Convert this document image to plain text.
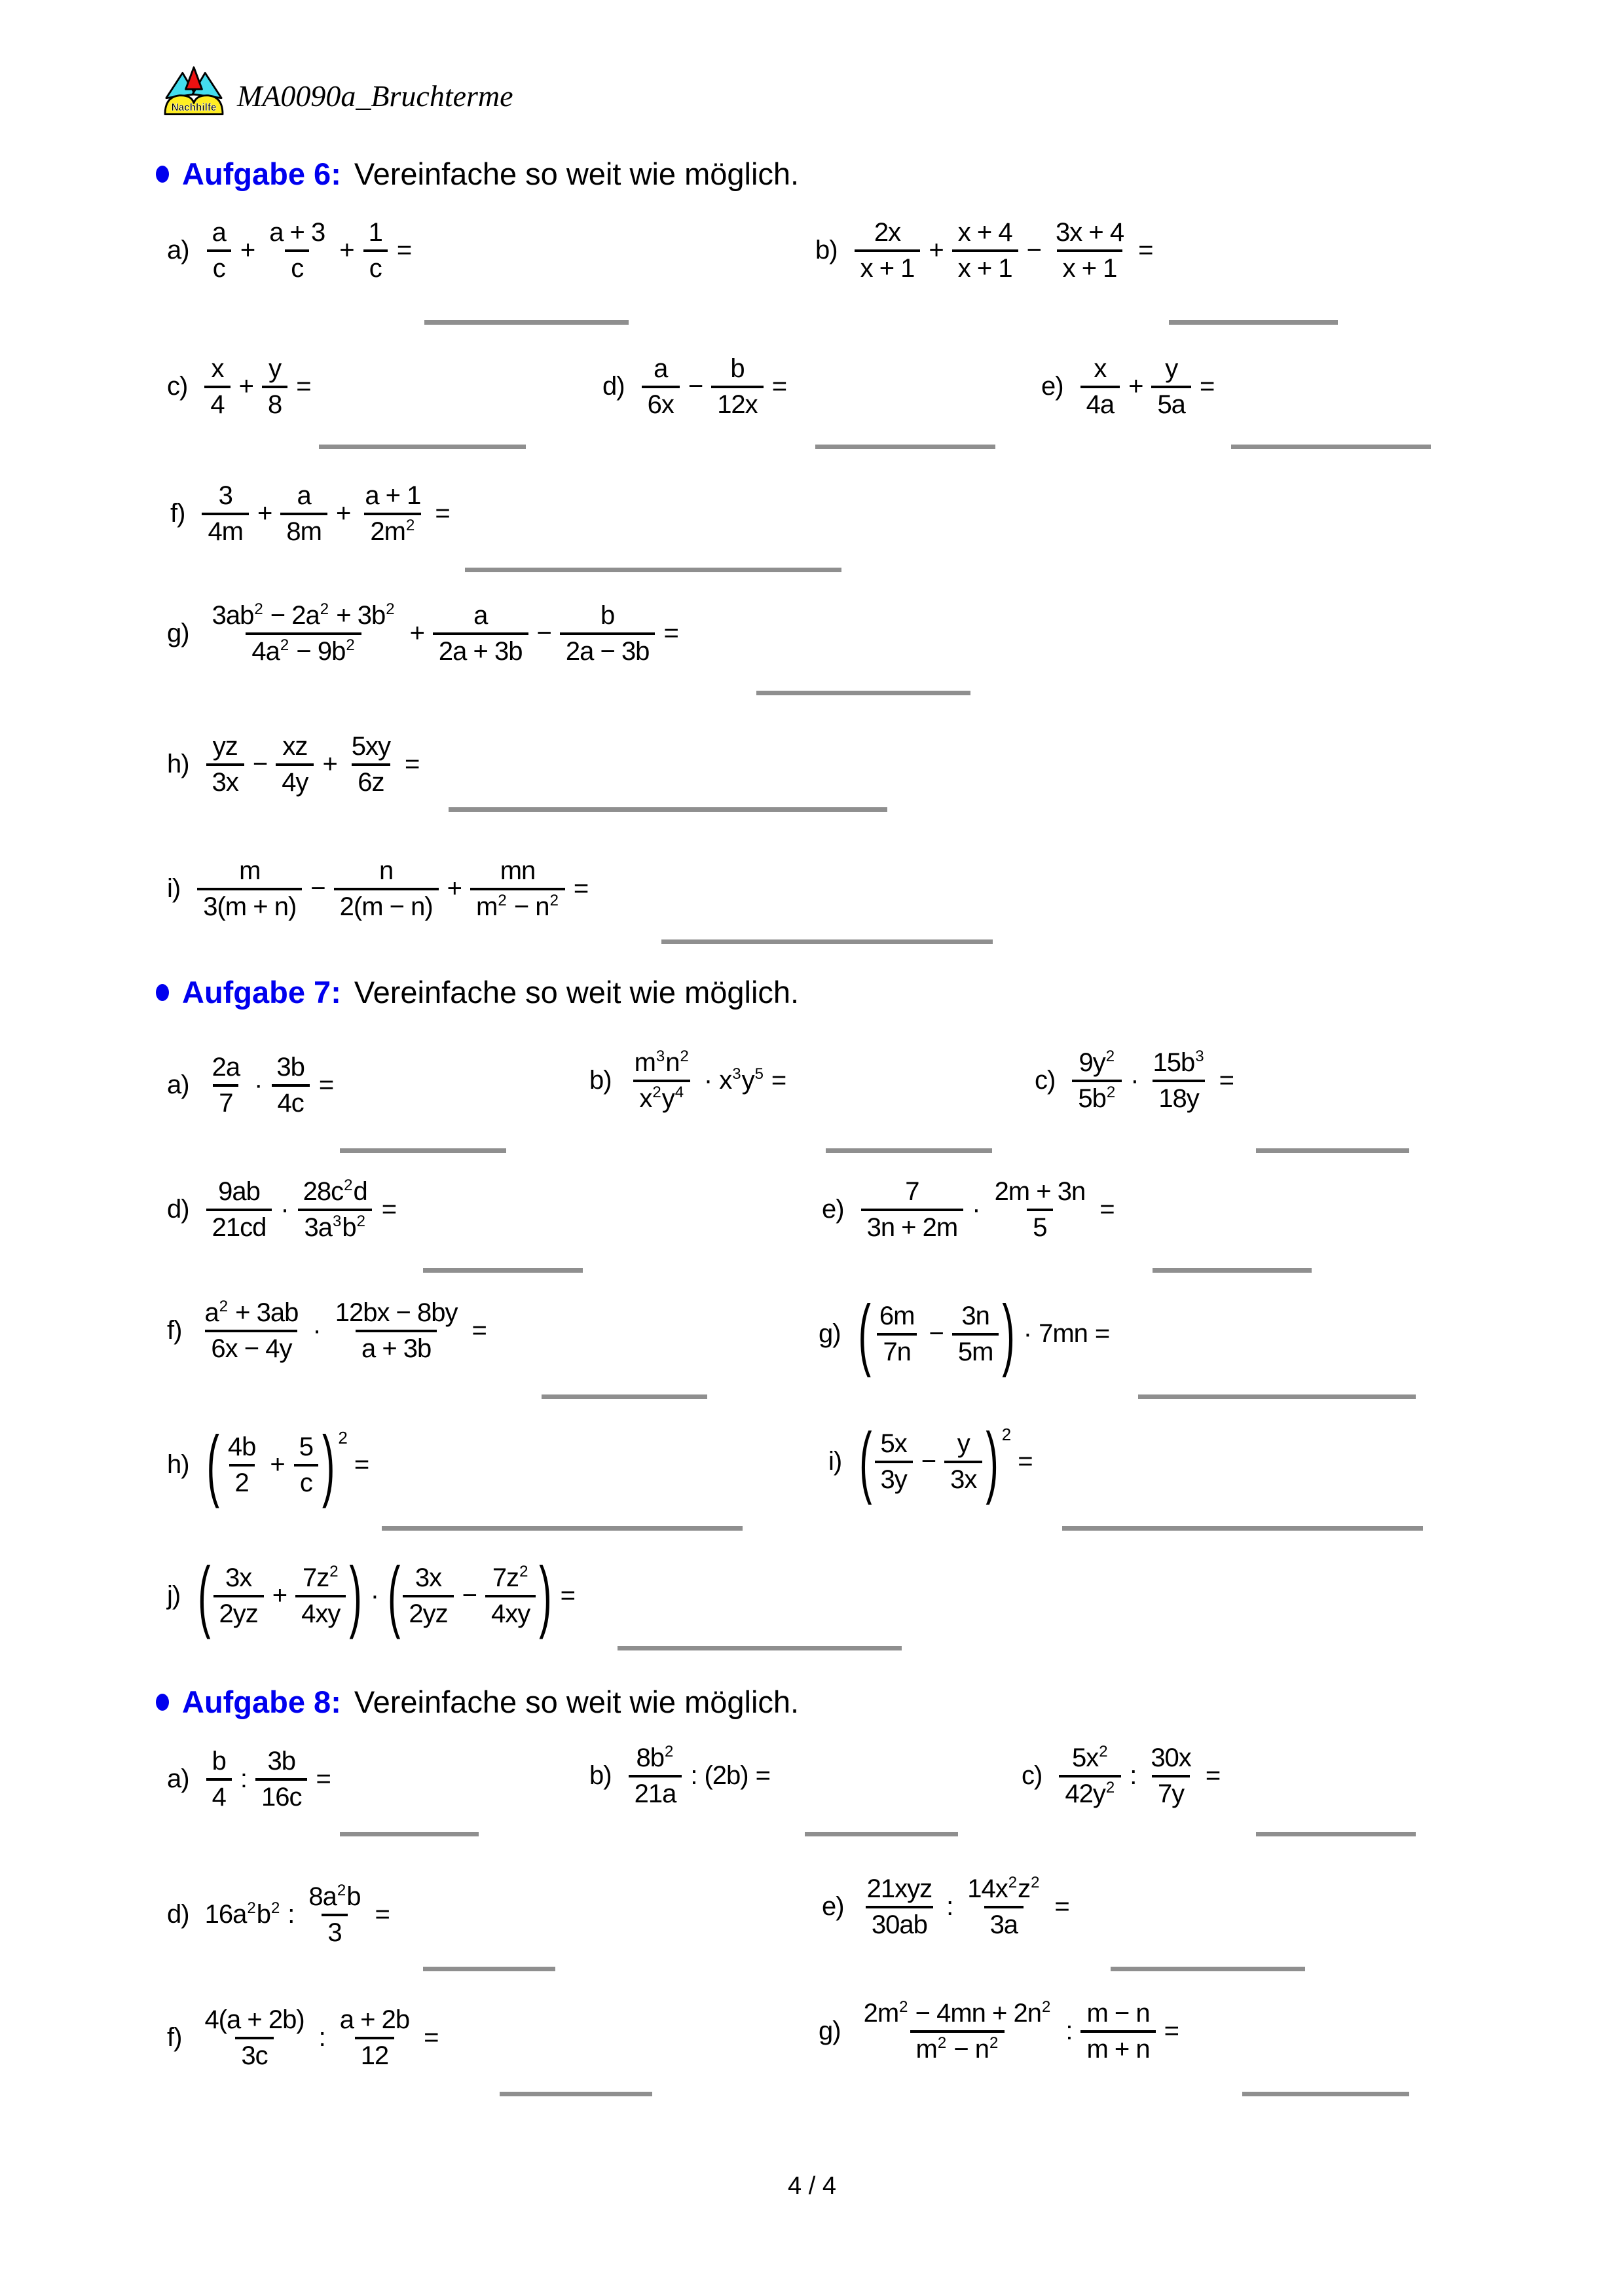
Nachhilfe MA0090a_Bruchterme
Aufgabe 6: Vereinfache so weit wie möglich.
$a) \frac{a}{c} + \frac{a + 3}{c} + \frac{1}{c}$ =	$b) \frac{2x}{x + 1} + \frac{x + 4}{x + 1} - \frac{3x + 4}{x + 1}$ =
$c) \frac{x}{4} + \frac{y}{8}$ =	$d) \frac{a}{6x} - \frac{b}{12x}$ =	$e) \frac{x}{4a} + \frac{y}{5a}$ =
$f) \frac{3}{4m} + \frac{a}{8m} + \frac{a + 1}{2m^2}$ =
$g) \frac{3ab^2 - 2a^2 + 3b^2}{4a^2 - 9b^2} + \frac{a}{2a + 3b} - \frac{b}{2a - 3b}$ =
$h) \frac{yz}{3x} - \frac{xz}{4y} + \frac{5xy}{6z}$ =
$i) \frac{m}{3(m + n)} - \frac{n}{2(m - n)} + \frac{mn}{m^2 - n^2}$ =
Aufgabe 7: Vereinfache so weit wie möglich.
$a) \frac{2a}{7} \cdot \frac{3b}{4c}$ =	$b) \frac{m^3n^2}{x^2y^4} \cdot x^3y^5$ =	$c) \frac{9y^2}{5b^2} \cdot \frac{15b^3}{18y}$ =
$d) \frac{9ab}{21cd} \cdot \frac{28c^2d}{3a^3b^2}$ =	$e) \frac{7}{3n + 2m} \cdot \frac{2m + 3n}{5}$ =
$f) \frac{a^2 + 3ab}{6x - 4y} \cdot \frac{12bx - 8by}{a + 3b}$ =	g) ( $\frac{6m}{7n} - \frac{3n}{5m}$ ) · 7mn =
h) ( $\frac{4b}{2} + \frac{5}{c}$ ) 2
=	i) ( $\frac{5x}{3y} - \frac{y}{3x}$ ) 2
=
j) ( $\frac{3x}{2yz} + \frac{7z^2}{4xy}$ ) · ( $\frac{3x}{2yz} - \frac{7z^2}{4xy}$ ) =
Aufgabe 8: Vereinfache so weit wie möglich.
$a) \frac{b}{4}$ : $\frac{3b}{16c}$ =	$b) \frac{8b^2}{21a}$ : (2b) =	$c) \frac{5x^2}{42y^2}$ : $\frac{30x}{7y}$ =
d) $16a^2b^2$ : $\frac{8a^2b}{3}$ =	$e) \frac{\text{21xyz}}{30ab}$ : $\frac{14x^2z^2}{3a}$ =
$f) \frac{4(a + 2b)}{3c}$ : $\frac{a + 2b}{12}$ =	$g) \frac{2m^2 - 4mn + 2n^2}{m^2 - n^2}$ : $\frac{m - n}{m + n}$ =
4 / 4
